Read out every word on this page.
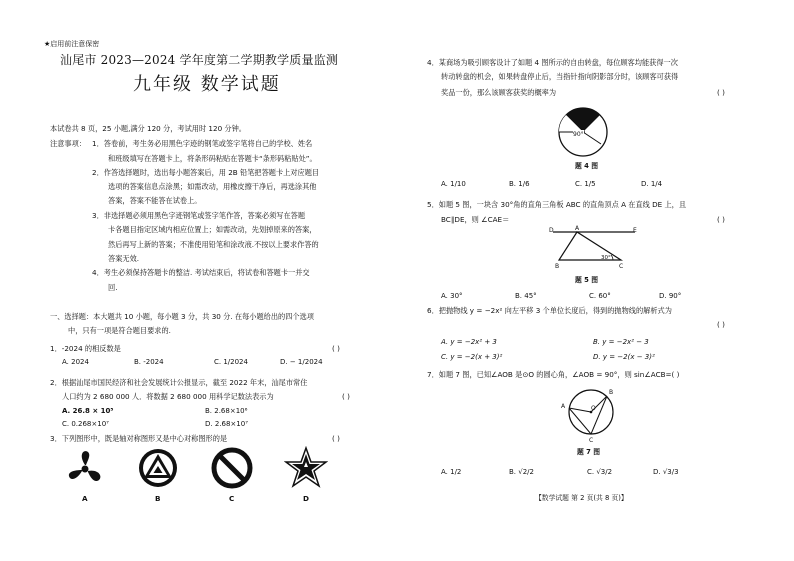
★启用前注意保密
汕尾市 2023—2024 学年度第二学期教学质量监测
九年级 数学试题
本试卷共 8 页，25 小题,满分 120 分，考试用时 120 分钟。
注意事项： 1．答卷前，考生务必用黑色字迹的钢笔或签字笔将自己的学校、姓名
和班级填写在答题卡上，将条形码粘贴在答题卡“条形码粘贴处”。
2．作答选择题时，选出每小题答案后，用 2B 铅笔把答题卡上对应题目
选项的答案信息点涂黑；如需改动，用橡皮擦干净后，再选涂其他
答案，答案不能答在试卷上。
3．非选择题必须用黑色字迹钢笔或签字笔作答，答案必须写在答题
卡各题目指定区域内相应位置上；如需改动，先划掉原来的答案，
然后再写上新的答案；不准使用铅笔和涂改液.不按以上要求作答的
答案无效.
4．考生必须保持答题卡的整洁. 考试结束后，将试卷和答题卡一并交
回.
一、选择题：本大题共 10 小题，每小题 3 分，共 30 分. 在每小题给出的四个选项
中，只有一项是符合题目要求的.
1．-2024 的相反数是	( )
A. 2024	B. -2024	C. 1/2024	D. − 1/2024
2．根据汕尾市国民经济和社会发展统计公报显示，截至 2022 年末，汕尾市常住
人口约为 2 680 000 人．将数据 2 680 000 用科学记数法表示为	( )
A. 26.8 × 10⁵	B. 2.68×10⁶
C. 0.268×10⁷	D. 2.68×10⁷
3．下列图形中，既是轴对称图形又是中心对称图形的是	( )
A	B	C	D
4．某商场为吸引顾客设计了如题 4 图所示的自由转盘，每位顾客均能获得一次
转动转盘的机会，如果转盘停止后，当指针指向阴影部分时，该顾客可获得
奖品一份，那么该顾客获奖的概率为	( )
90°
题 4 图
A. 1/10	B. 1/6	C. 1/5	D. 1/4
5．如题 5 图，一块含 30°角的直角三角板 ABC 的直角顶点 A 在直线 DE 上，且
BC∥DE，则 ∠CAE＝	( )
D	A	E
B	C
30°
题 5 图
A. 30°	B. 45°	C. 60°	D. 90°
6．把抛物线 y = −2x² 向左平移 3 个单位长度后，得到的抛物线的解析式为
( )
A. y = −2x² + 3	B. y = −2x² − 3
C. y = −2(x + 3)²	D. y = −2(x − 3)²
7．如题 7 图，已知∠AOB 是⊙O 的圆心角，∠AOB = 90°，则 sin∠ACB=( )
A	O
B
C
题 7 图
A. 1/2	B. √2/2	C. √3/2	D. √3/3
【数学试题 第 2 页(共 8 页)】
